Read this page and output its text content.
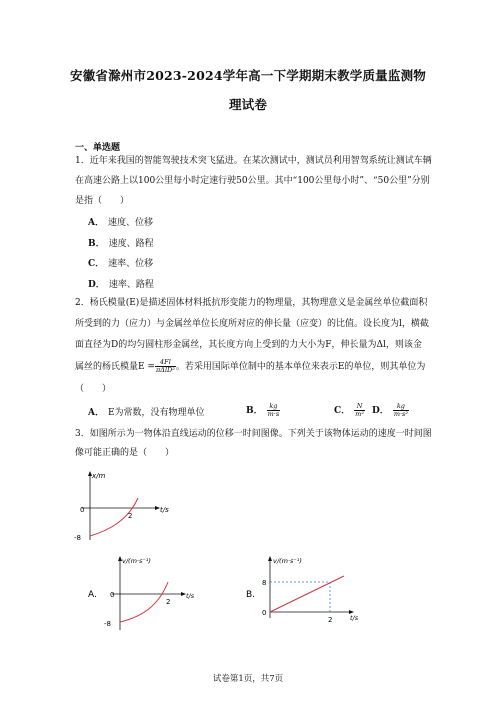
安徽省滁州市2023-2024学年高一下学期期末教学质量监测物
理试卷
一、单选题
1．近年来我国的智能驾驶技术突飞猛进。在某次测试中，测试员利用智驾系统让测试车辆
在高速公路上以100公里每小时定速行驶50公里。其中“100公里每小时”、“50公里”分别
是指（　　）
A． 速度、位移
B． 速度、路程
C． 速率、位移
D． 速率、路程
2．杨氏模量(E)是描述固体材料抵抗形变能力的物理量，其物理意义是金属丝单位截面积
所受到的力（应力）与金属丝单位长度所对应的伸长量（应变）的比值。设长度为l，横截
面直径为D的均匀圆柱形金属丝，其长度方向上受到的力大小为F，伸长量为Δl，则该金
属丝的杨氏模量$E = \frac{4Fl}{\text{πΔlD²}}$ 。若采用国际单位制中的基本单位来表示E的单位，则其单位为
（　　）
A． E为常数，没有物理单位	B． $\frac{kg}{m\cdot s}$	C． $\frac{N}{\text{m²}}$ D． $\frac{kg}{\text{m·s²}}$
3．如图所示为一物体沿直线运动的位移一时间图像。下列关于该物体运动的速度一时间图
像可能正确的是（　　）
x/m
t/s
0
2
-8
A.
v/(m·s⁻¹)
t/s
0
2
-8
B.
v/(m·s⁻¹)
t/s
0
2
8
试卷第1页，共7页
